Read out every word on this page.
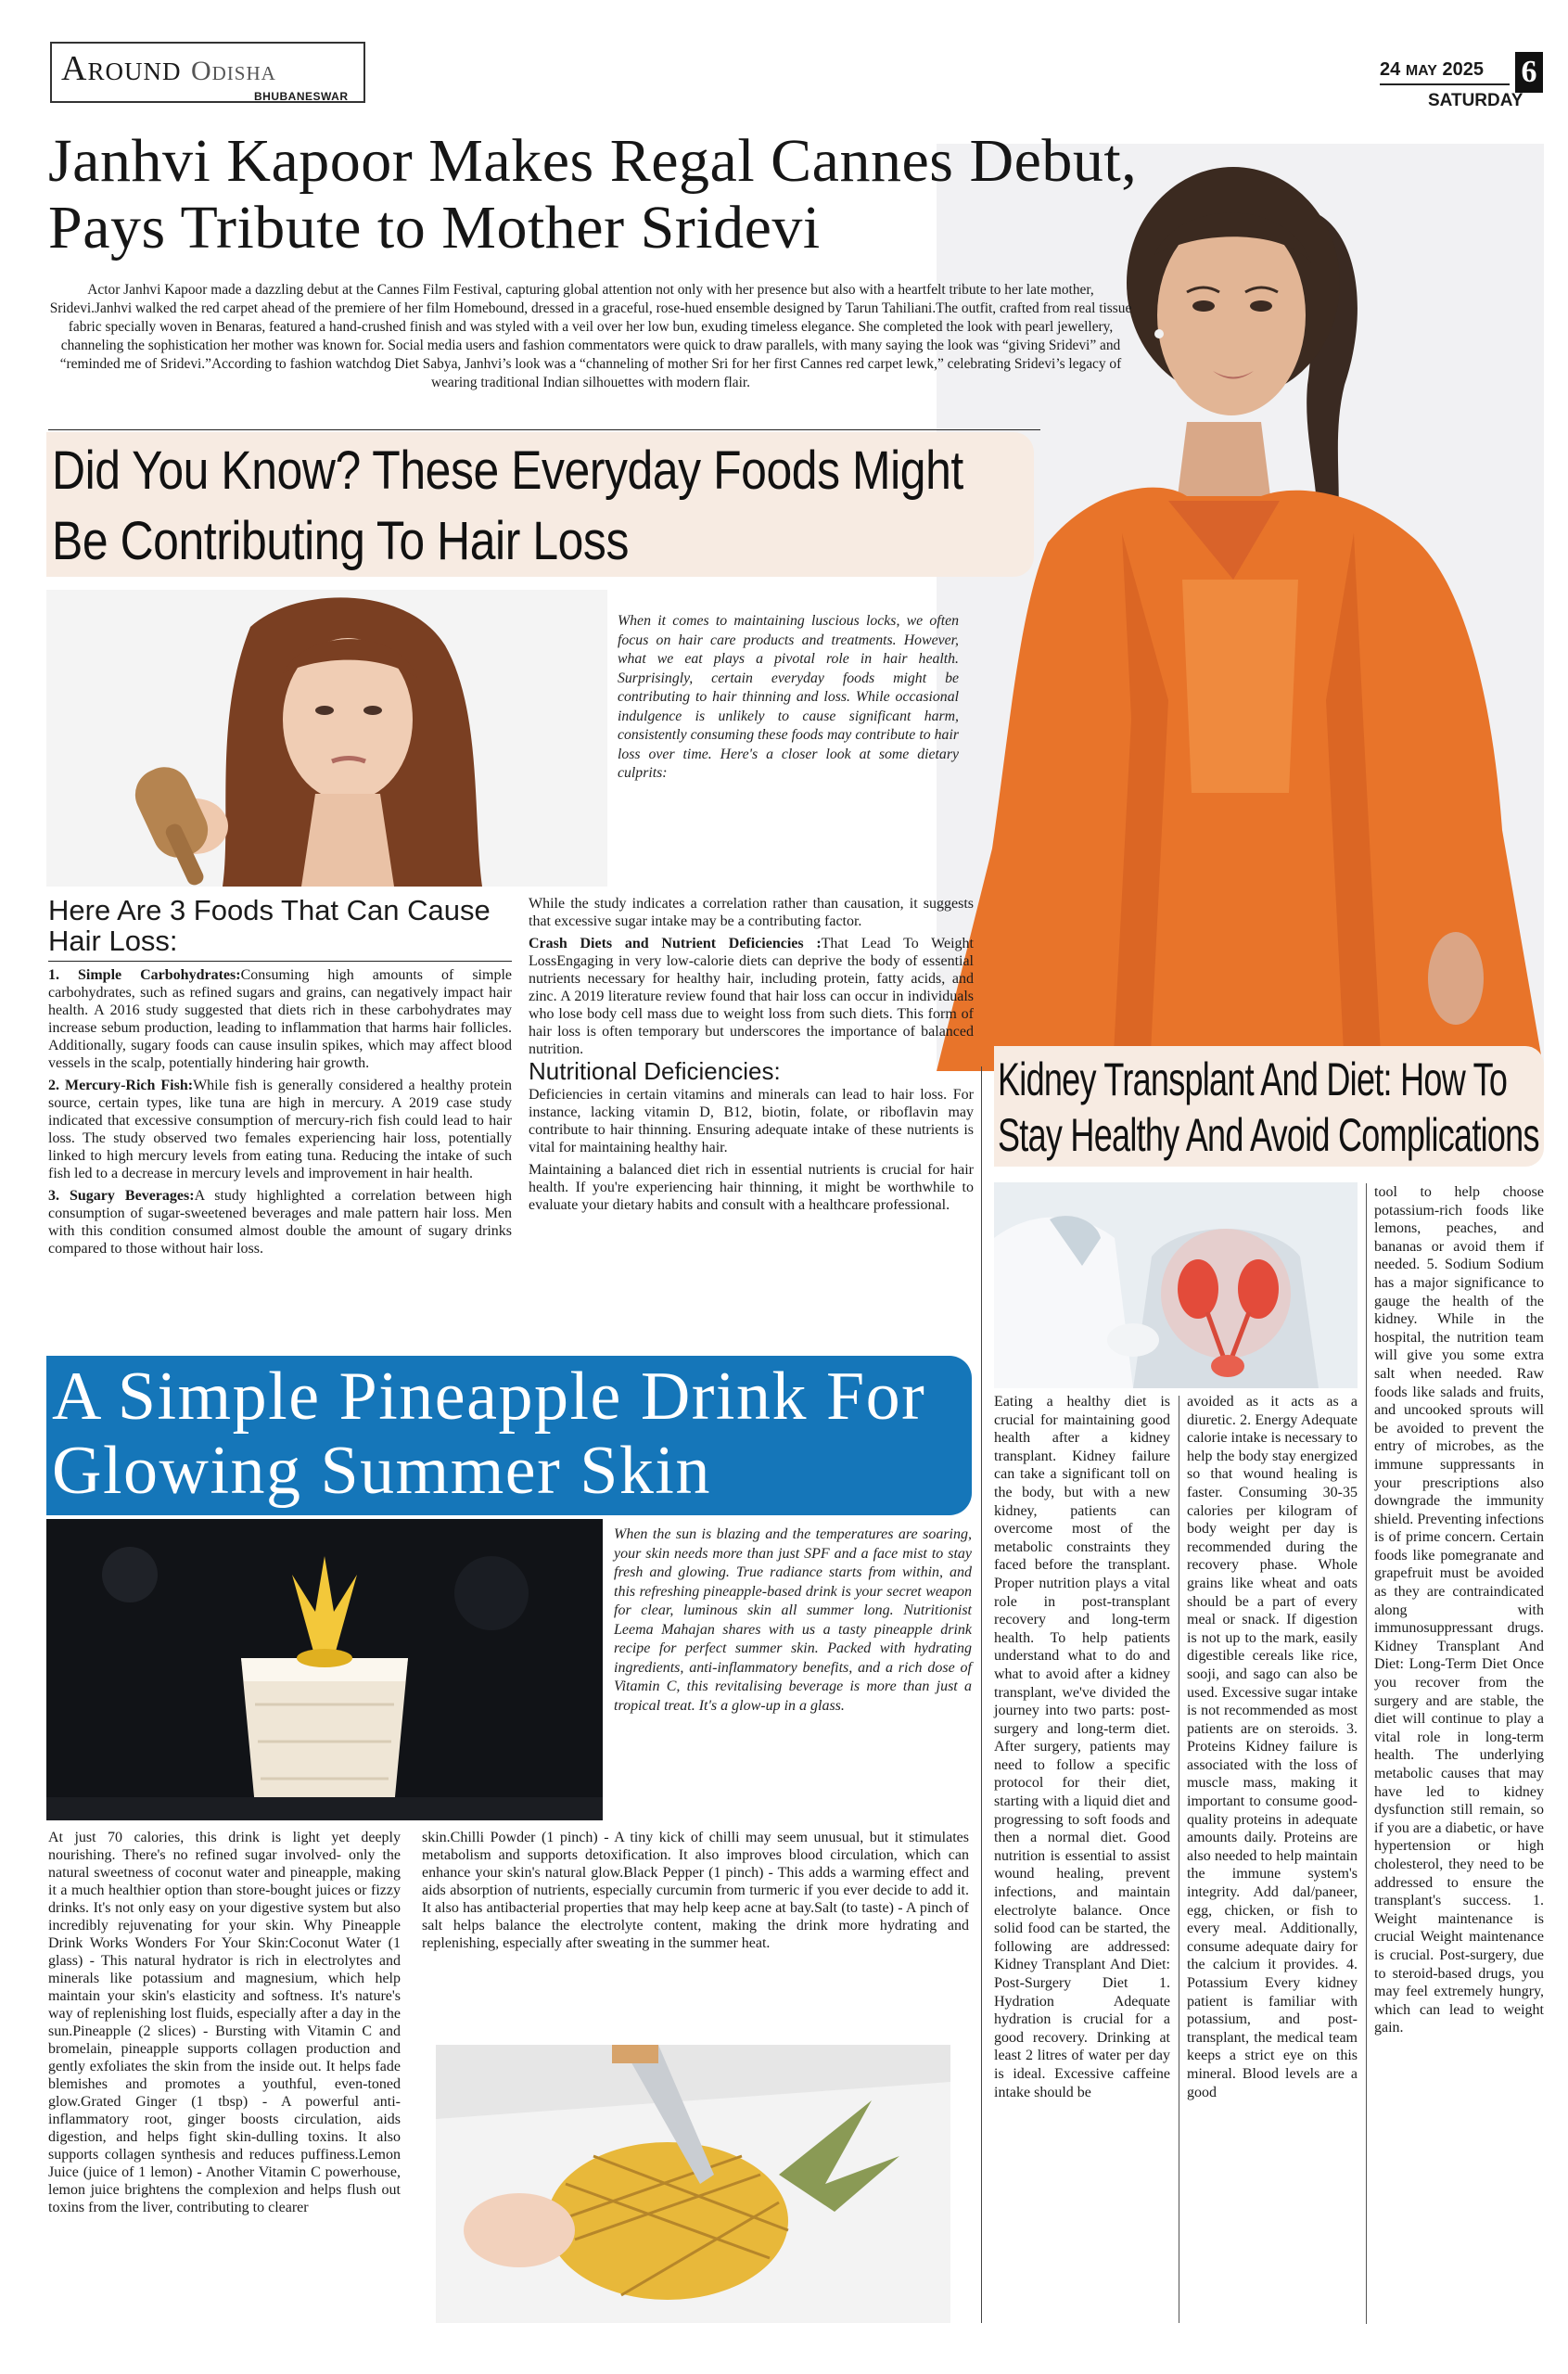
Around Odisha
BHUBANESWAR
24 MAY 2025 6
SATURDAY
Janhvi Kapoor Makes Regal Cannes Debut, Pays Tribute to Mother Sridevi
Actor Janhvi Kapoor made a dazzling debut at the Cannes Film Festival, capturing global attention not only with her presence but also with a heartfelt tribute to her late mother, Sridevi.Janhvi walked the red carpet ahead of the premiere of her film Homebound, dressed in a graceful, rose-hued ensemble designed by Tarun Tahiliani.The outfit, crafted from real tissue fabric specially woven in Benaras, featured a hand-crushed finish and was styled with a veil over her low bun, exuding timeless elegance. She completed the look with pearl jewellery, channeling the sophistication her mother was known for. Social media users and fashion commentators were quick to draw parallels, with many saying the look was “giving Sridevi” and “reminded me of Sridevi.”According to fashion watchdog Diet Sabya, Janhvi’s look was a “channeling of mother Sri for her first Cannes red carpet lewk,” celebrating Sridevi’s legacy of wearing traditional Indian silhouettes with modern flair.
Did You Know? These Everyday Foods Might Be Contributing To Hair Loss
When it comes to maintaining luscious locks, we often focus on hair care products and treatments. However, what we eat plays a pivotal role in hair health. Surprisingly, certain everyday foods might be contributing to hair thinning and loss. While occasional indulgence is unlikely to cause significant harm, consistently consuming these foods may contribute to hair loss over time. Here's a closer look at some dietary culprits:
Here Are 3 Foods That Can Cause Hair Loss:

1. Simple Carbohydrates:Consuming high amounts of simple carbohydrates, such as refined sugars and grains, can negatively impact hair health. A 2016 study suggested that diets rich in these carbohydrates may increase sebum production, leading to inflammation that harms hair follicles. Additionally, sugary foods can cause insulin spikes, which may affect blood vessels in the scalp, potentially hindering hair growth.

2. Mercury-Rich Fish:While fish is generally considered a healthy protein source, certain types, like tuna are high in mercury. A 2019 case study indicated that excessive consumption of mercury-rich fish could lead to hair loss. The study observed two females experiencing hair loss, potentially linked to high mercury levels from eating tuna. Reducing the intake of such fish led to a decrease in mercury levels and improvement in hair health.

3. Sugary Beverages:A study highlighted a correlation between high consumption of sugar-sweetened beverages and male pattern hair loss. Men with this condition consumed almost double the amount of sugary drinks compared to those without hair loss.

While the study indicates a correlation rather than causation, it suggests that excessive sugar intake may be a contributing factor.

Crash Diets and Nutrient Deficiencies :That Lead To Weight LossEngaging in very low-calorie diets can deprive the body of essential nutrients necessary for healthy hair, including protein, fatty acids, and zinc. A 2019 literature review found that hair loss can occur in individuals who lose body cell mass due to weight loss from such diets. This form of hair loss is often temporary but underscores the importance of balanced nutrition.

Nutritional Deficiencies:

Deficiencies in certain vitamins and minerals can lead to hair loss. For instance, lacking vitamin D, B12, biotin, folate, or riboflavin may contribute to hair thinning. Ensuring adequate intake of these nutrients is vital for maintaining healthy hair.

Maintaining a balanced diet rich in essential nutrients is crucial for hair health. If you're experiencing hair thinning, it might be worthwhile to evaluate your dietary habits and consult with a healthcare professional.

Kidney Transplant And Diet: How To Stay Healthy And Avoid Complications
Eating a healthy diet is crucial for maintaining good health after a kidney transplant. Kidney failure can take a significant toll on the body, but with a new kidney, patients can overcome most of the metabolic constraints they faced before the transplant. Proper nutrition plays a vital role in post-transplant recovery and long-term health. To help patients understand what to do and what to avoid after a kidney transplant, we've divided the journey into two parts: post-surgery and long-term diet. After surgery, patients may need to follow a specific protocol for their diet, starting with a liquid diet and progressing to soft foods and then a normal diet. Good nutrition is essential to assist wound healing, prevent infections, and maintain electrolyte balance. Once solid food can be started, the following are addressed: Kidney Transplant And Diet: Post-Surgery Diet 1. Hydration Adequate hydration is crucial for a good recovery. Drinking at least 2 litres of water per day is ideal. Excessive caffeine intake should be
avoided as it acts as a diuretic. 2. Energy Adequate calorie intake is necessary to help the body stay energized so that wound healing is faster. Consuming 30-35 calories per kilogram of body weight per day is recommended during the recovery phase. Whole grains like wheat and oats should be a part of every meal or snack. If digestion is not up to the mark, easily digestible cereals like rice, sooji, and sago can also be used. Excessive sugar intake is not recommended as most patients are on steroids. 3. Proteins Kidney failure is associated with the loss of muscle mass, making it important to consume good-quality proteins in adequate amounts daily. Proteins are also needed to help maintain the immune system's integrity. Add dal/paneer, egg, chicken, or fish to every meal. Additionally, consume adequate dairy for the calcium it provides. 4. Potassium Every kidney patient is familiar with potassium, and post-transplant, the medical team keeps a strict eye on this mineral. Blood levels are a good
tool to help choose potassium-rich foods like lemons, peaches, and bananas or avoid them if needed. 5. Sodium Sodium has a major significance to gauge the health of the kidney. While in the hospital, the nutrition team will give you some extra salt when needed. Raw foods like salads and fruits, and uncooked sprouts will be avoided to prevent the entry of microbes, as the immune suppressants in your prescriptions also downgrade the immunity shield. Preventing infections is of prime concern. Certain foods like pomegranate and grapefruit must be avoided as they are contraindicated along with immunosuppressant drugs. Kidney Transplant And Diet: Long-Term Diet Once you recover from the surgery and are stable, the diet will continue to play a vital role in long-term health. The underlying metabolic causes that may have led to kidney dysfunction still remain, so if you are a diabetic, or have hypertension or high cholesterol, they need to be addressed to ensure the transplant's success. 1. Weight maintenance is crucial Weight maintenance is crucial. Post-surgery, due to steroid-based drugs, you may feel extremely hungry, which can lead to weight gain.
A Simple Pineapple Drink For Glowing Summer Skin
When the sun is blazing and the temperatures are soaring, your skin needs more than just SPF and a face mist to stay fresh and glowing. True radiance starts from within, and this refreshing pineapple-based drink is your secret weapon for clear, luminous skin all summer long. Nutritionist Leema Mahajan shares with us a tasty pineapple drink recipe for perfect summer skin. Packed with hydrating ingredients, anti-inflammatory benefits, and a rich dose of Vitamin C, this revitalising beverage is more than just a tropical treat. It's a glow-up in a glass.
At just 70 calories, this drink is light yet deeply nourishing. There's no refined sugar involved- only the natural sweetness of coconut water and pineapple, making it a much healthier option than store-bought juices or fizzy drinks. It's not only easy on your digestive system but also incredibly rejuvenating for your skin. Why Pineapple Drink Works Wonders For Your Skin:Coconut Water (1 glass) - This natural hydrator is rich in electrolytes and minerals like potassium and magnesium, which help maintain your skin's elasticity and softness. It's nature's way of replenishing lost fluids, especially after a day in the sun.Pineapple (2 slices) - Bursting with Vitamin C and bromelain, pineapple supports collagen production and gently exfoliates the skin from the inside out. It helps fade blemishes and promotes a youthful, even-toned glow.Grated Ginger (1 tbsp) - A powerful anti-inflammatory root, ginger boosts circulation, aids digestion, and helps fight skin-dulling toxins. It also supports collagen synthesis and reduces puffiness.Lemon Juice (juice of 1 lemon) - Another Vitamin C powerhouse, lemon juice brightens the complexion and helps flush out toxins from the liver, contributing to clearer
skin.Chilli Powder (1 pinch) - A tiny kick of chilli may seem unusual, but it stimulates metabolism and supports detoxification. It also improves blood circulation, which can enhance your skin's natural glow.Black Pepper (1 pinch) - This adds a warming effect and aids absorption of nutrients, especially curcumin from turmeric if you ever decide to add it. It also has antibacterial properties that may help keep acne at bay.Salt (to taste) - A pinch of salt helps balance the electrolyte content, making the drink more hydrating and replenishing, especially after sweating in the summer heat.
